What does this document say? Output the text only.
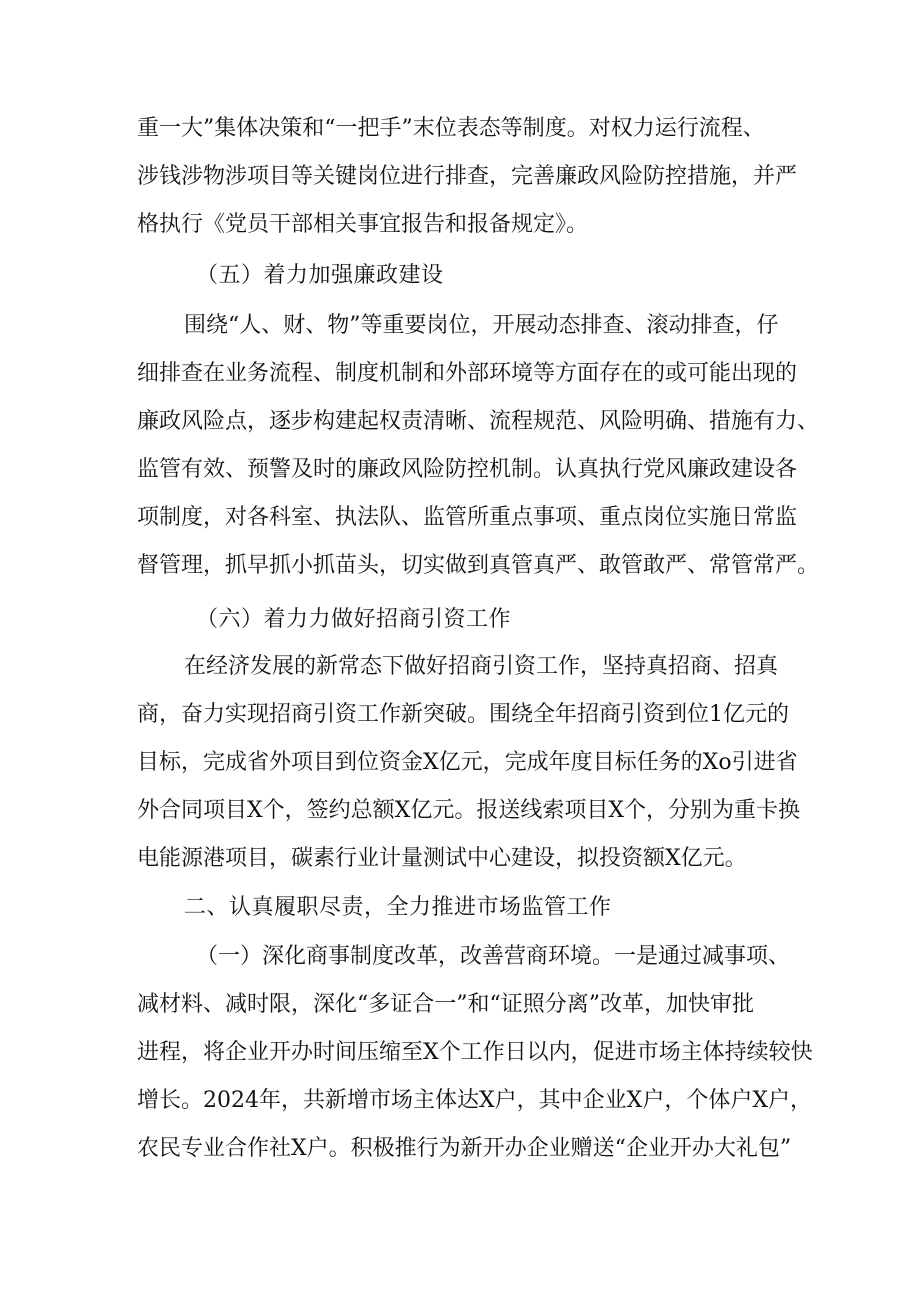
重一大”集体决策和“一把手”末位表态等制度。对权力运行流程、

涉钱涉物涉项目等关键岗位进行排查，完善廉政风险防控措施，并严

格执行《党员干部相关事宜报告和报备规定》。

（五）着力加强廉政建设

围绕“人、财、物”等重要岗位，开展动态排查、滚动排查，仔

细排查在业务流程、制度机制和外部环境等方面存在的或可能出现的

廉政风险点，逐步构建起权责清晰、流程规范、风险明确、措施有力、

监管有效、预警及时的廉政风险防控机制。认真执行党风廉政建设各

项制度，对各科室、执法队、监管所重点事项、重点岗位实施日常监

督管理，抓早抓小抓苗头，切实做到真管真严、敢管敢严、常管常严。

（六）着力力做好招商引资工作

在经济发展的新常态下做好招商引资工作，坚持真招商、招真

商，奋力实现招商引资工作新突破。围绕全年招商引资到位1亿元的

目标，完成省外项目到位资金X亿元，完成年度目标任务的Xo引进省

外合同项目X个，签约总额X亿元。报送线索项目X个，分别为重卡换

电能源港项目，碳素行业计量测试中心建设，拟投资额X亿元。

二、认真履职尽责，全力推进市场监管工作

（一）深化商事制度改革，改善营商环境。一是通过减事项、

减材料、减时限，深化“多证合一”和“证照分离”改革，加快审批

进程，将企业开办时间压缩至X个工作日以内，促进市场主体持续较快

增长。2024年，共新增市场主体达X户，其中企业X户，个体户X户，

农民专业合作社X户。积极推行为新开办企业赠送“企业开办大礼包”
